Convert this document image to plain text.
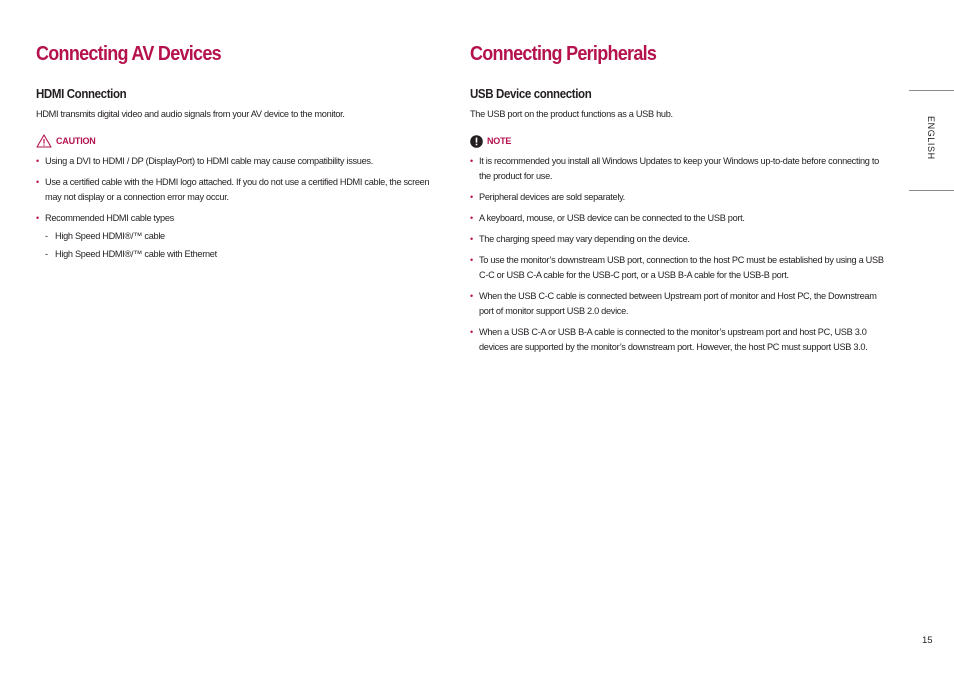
Connecting AV Devices
HDMI Connection

HDMI transmits digital video and audio signals from your AV device to the monitor.

CAUTION
• Using a DVI to HDMI / DP (DisplayPort) to HDMI cable may cause compatibility issues.
• Use a certified cable with the HDMI logo attached. If you do not use a certified HDMI cable, the screen may not display or a connection error may occur.
• Recommended HDMI cable types
- High Speed HDMI®/™ cable
- High Speed HDMI®/™ cable with Ethernet
Connecting Peripherals
USB Device connection

The USB port on the product functions as a USB hub.

NOTE
• It is recommended you install all Windows Updates to keep your Windows up-to-date before connecting to the product for use.
• Peripheral devices are sold separately.
• A keyboard, mouse, or USB device can be connected to the USB port.
• The charging speed may vary depending on the device.
• To use the monitor’s downstream USB port, connection to the host PC must be established by using a USB C-C or USB C-A cable for the USB-C port, or a USB B-A cable for the USB-B port.
• When the USB C-C cable is connected between Upstream port of monitor and Host PC, the Downstream port of monitor support USB 2.0 device.
• When a USB C-A or USB B-A cable is connected to the monitor’s upstream port and host PC, USB 3.0 devices are supported by the monitor’s downstream port. However, the host PC must support USB 3.0.
ENGLISH
15
